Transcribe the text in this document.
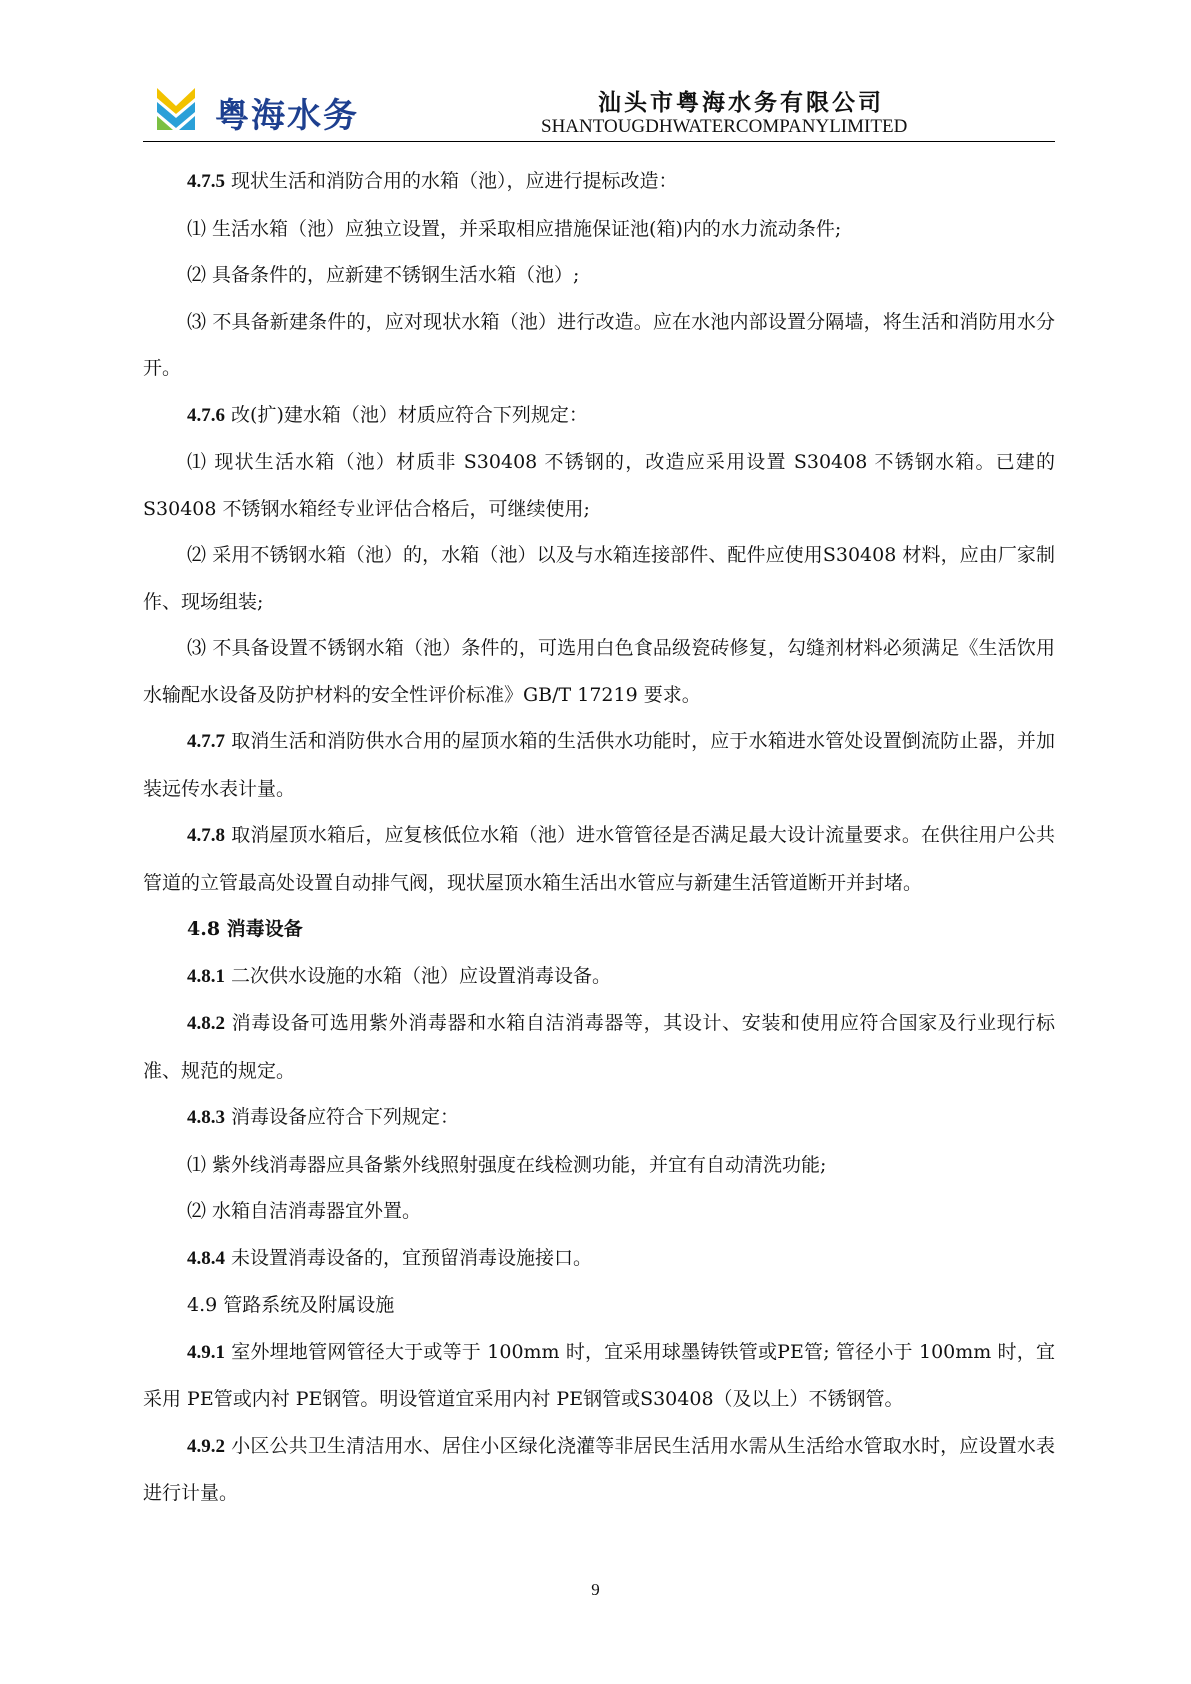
粤海水务	汕头市粤海水务有限公司
SHANTOUGDHWATERCOMPANYLIMITED

4.7.5 现状生活和消防合用的水箱（池），应进行提标改造：

⑴ 生活水箱（池）应独立设置，并采取相应措施保证池(箱)内的水力流动条件;

⑵ 具备条件的，应新建不锈钢生活水箱（池）;

⑶ 不具备新建条件的，应对现状水箱（池）进行改造。应在水池内部设置分隔墙，将生活和消防用水分开。

4.7.6 改(扩)建水箱（池）材质应符合下列规定：

⑴ 现状生活水箱（池）材质非 S30408 不锈钢的，改造应采用设置 S30408 不锈钢水箱。已建的S30408 不锈钢水箱经专业评估合格后，可继续使用;

⑵ 采用不锈钢水箱（池）的，水箱（池）以及与水箱连接部件、配件应使用S30408 材料，应由厂家制作、现场组装;

⑶ 不具备设置不锈钢水箱（池）条件的，可选用白色食品级瓷砖修复，勾缝剂材料必须满足《生活饮用水输配水设备及防护材料的安全性评价标准》GB/T 17219 要求。

4.7.7 取消生活和消防供水合用的屋顶水箱的生活供水功能时，应于水箱进水管处设置倒流防止器，并加装远传水表计量。

4.7.8 取消屋顶水箱后，应复核低位水箱（池）进水管管径是否满足最大设计流量要求。在供往用户公共管道的立管最高处设置自动排气阀，现状屋顶水箱生活出水管应与新建生活管道断开并封堵。

4.8 消毒设备

4.8.1 二次供水设施的水箱（池）应设置消毒设备。

4.8.2 消毒设备可选用紫外消毒器和水箱自洁消毒器等，其设计、安装和使用应符合国家及行业现行标准、规范的规定。

4.8.3 消毒设备应符合下列规定：

⑴ 紫外线消毒器应具备紫外线照射强度在线检测功能，并宜有自动清洗功能;

⑵ 水箱自洁消毒器宜外置。

4.8.4 未设置消毒设备的，宜预留消毒设施接口。

4.9 管路系统及附属设施

4.9.1 室外埋地管网管径大于或等于 100mm 时，宜采用球墨铸铁管或PE管; 管径小于 100mm 时，宜采用 PE管或内衬 PE钢管。明设管道宜采用内衬 PE钢管或S30408（及以上）不锈钢管。

4.9.2 小区公共卫生清洁用水、居住小区绿化浇灌等非居民生活用水需从生活给水管取水时，应设置水表进行计量。

9
